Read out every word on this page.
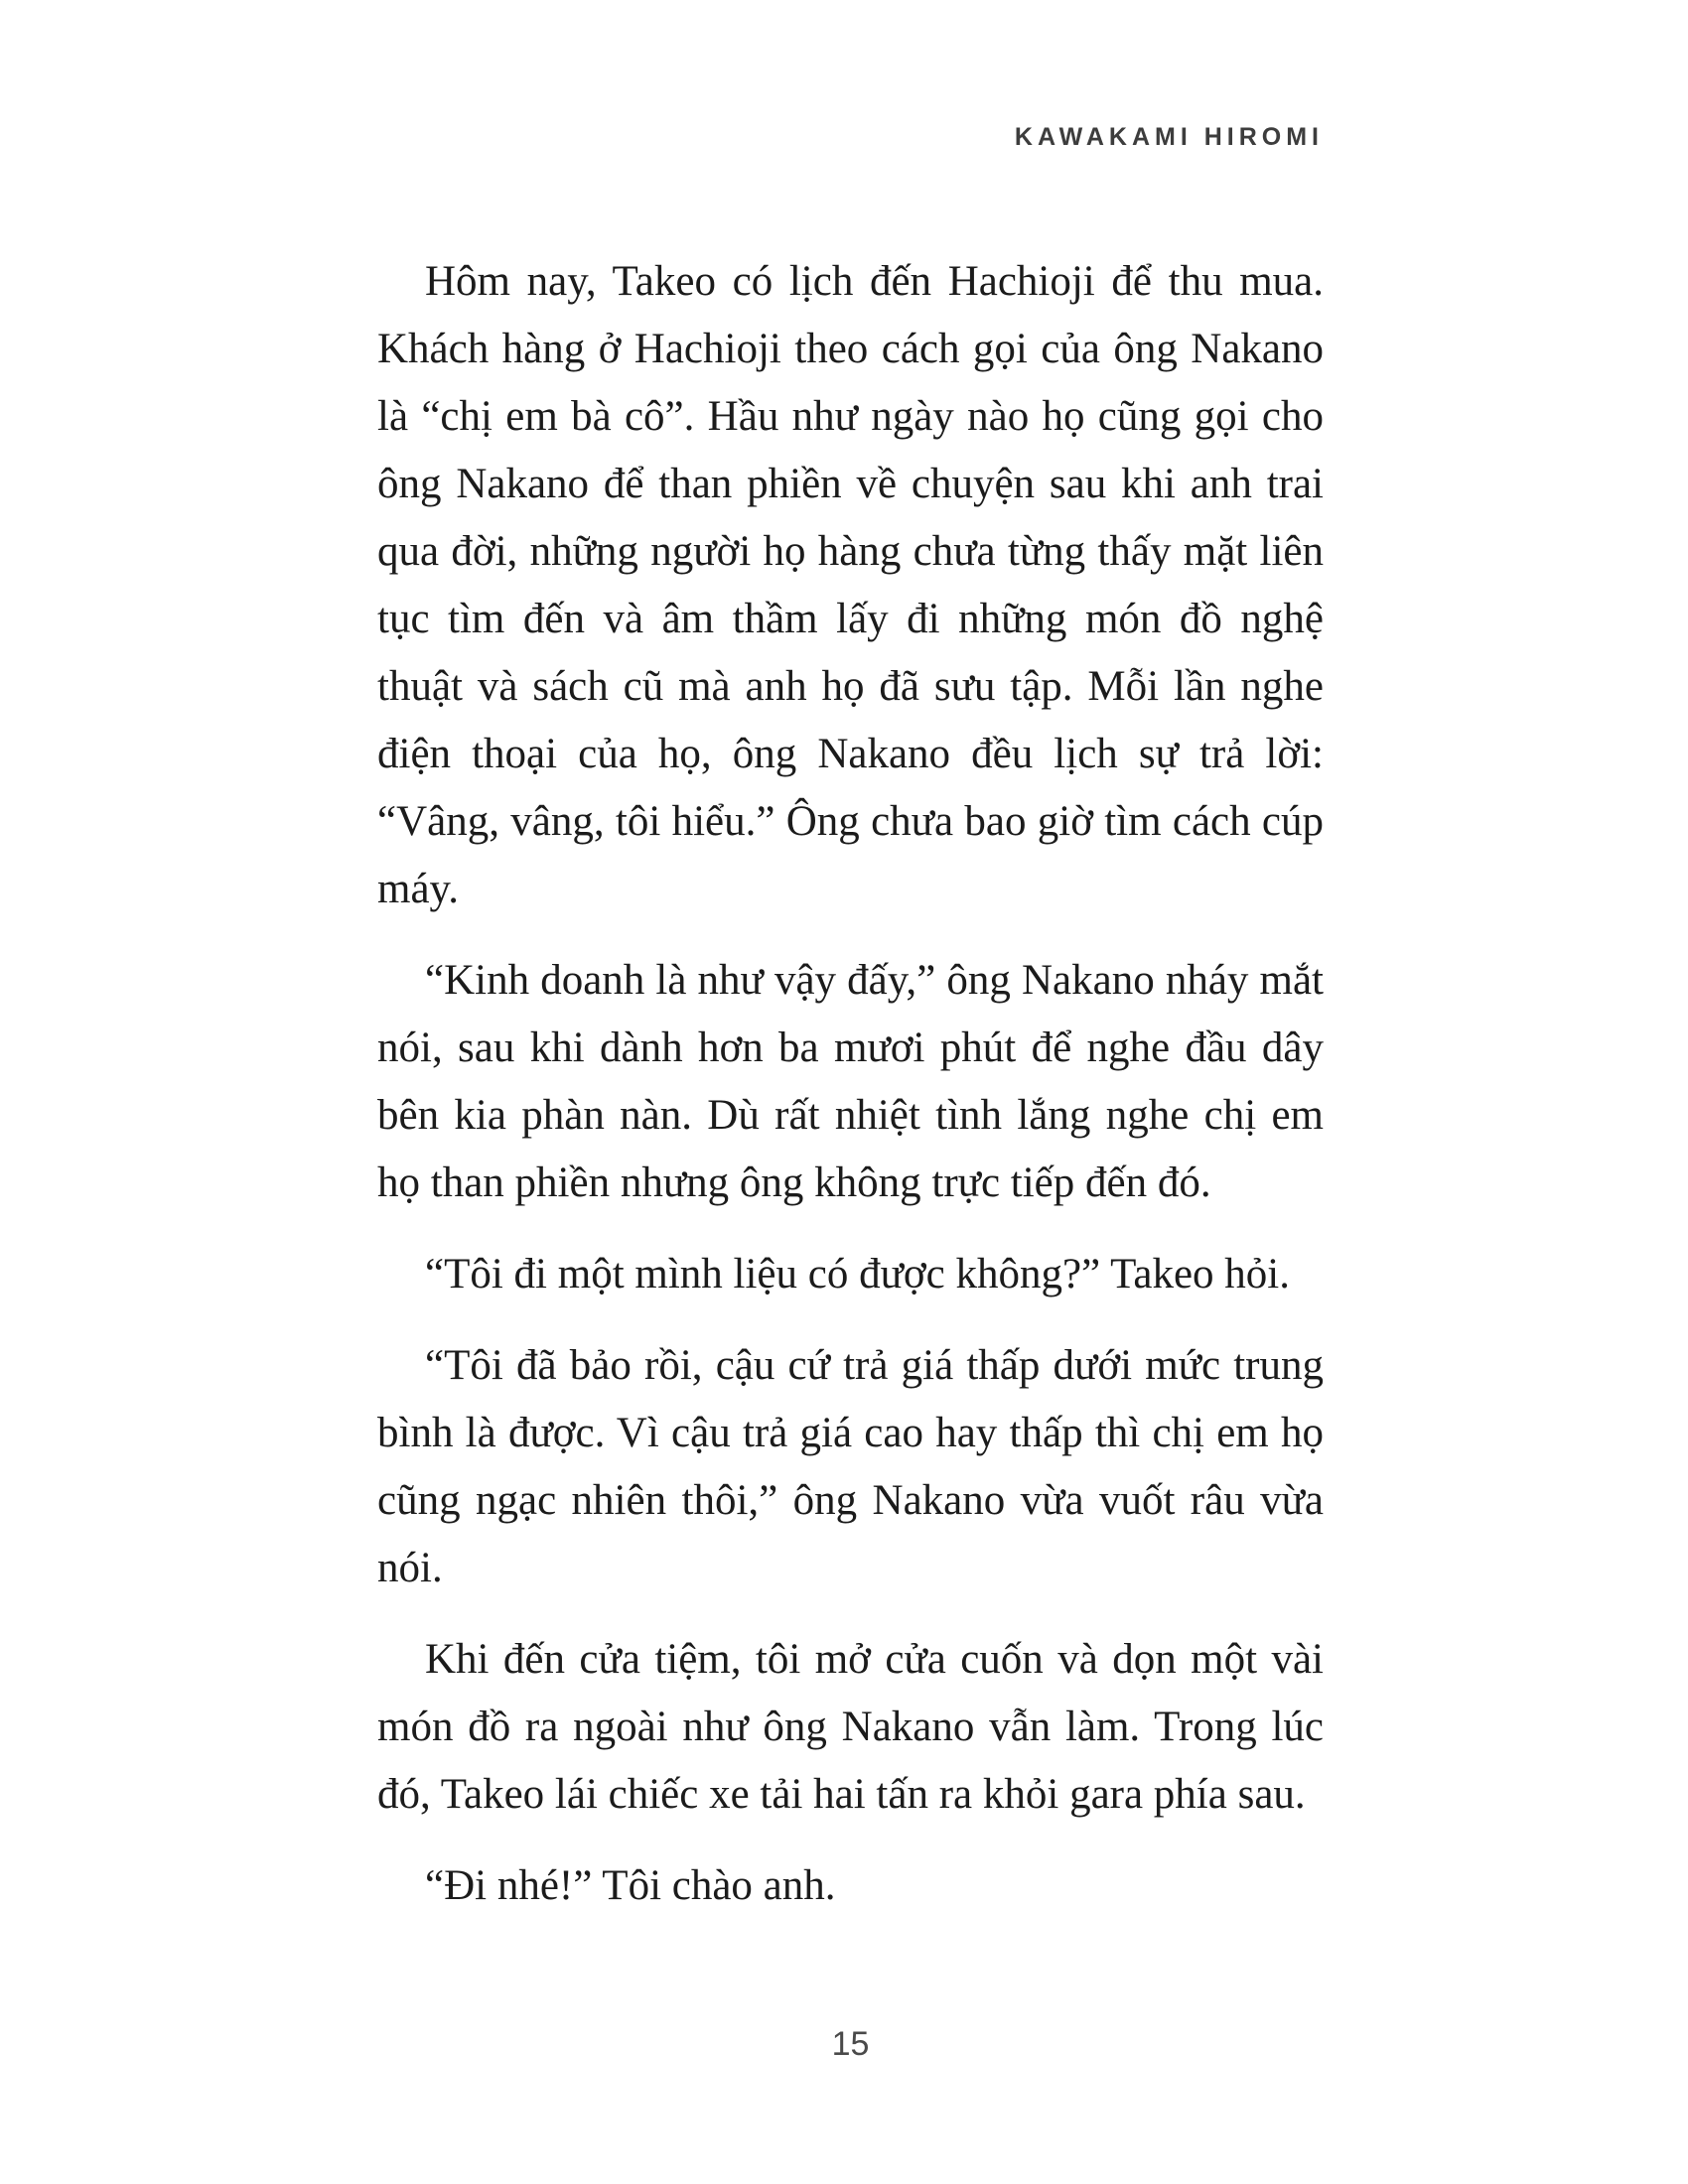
KAWAKAMI HIROMI

Hôm nay, Takeo có lịch đến Hachioji để thu mua. Khách hàng ở Hachioji theo cách gọi của ông Nakano là “chị em bà cô”. Hầu như ngày nào họ cũng gọi cho ông Nakano để than phiền về chuyện sau khi anh trai qua đời, những người họ hàng chưa từng thấy mặt liên tục tìm đến và âm thầm lấy đi những món đồ nghệ thuật và sách cũ mà anh họ đã sưu tập. Mỗi lần nghe điện thoại của họ, ông Nakano đều lịch sự trả lời: “Vâng, vâng, tôi hiểu.” Ông chưa bao giờ tìm cách cúp máy.

“Kinh doanh là như vậy đấy,” ông Nakano nháy mắt nói, sau khi dành hơn ba mươi phút để nghe đầu dây bên kia phàn nàn. Dù rất nhiệt tình lắng nghe chị em họ than phiền nhưng ông không trực tiếp đến đó.

“Tôi đi một mình liệu có được không?” Takeo hỏi.

“Tôi đã bảo rồi, cậu cứ trả giá thấp dưới mức trung bình là được. Vì cậu trả giá cao hay thấp thì chị em họ cũng ngạc nhiên thôi,” ông Nakano vừa vuốt râu vừa nói.

Khi đến cửa tiệm, tôi mở cửa cuốn và dọn một vài món đồ ra ngoài như ông Nakano vẫn làm. Trong lúc đó, Takeo lái chiếc xe tải hai tấn ra khỏi gara phía sau.

“Đi nhé!” Tôi chào anh.

15
